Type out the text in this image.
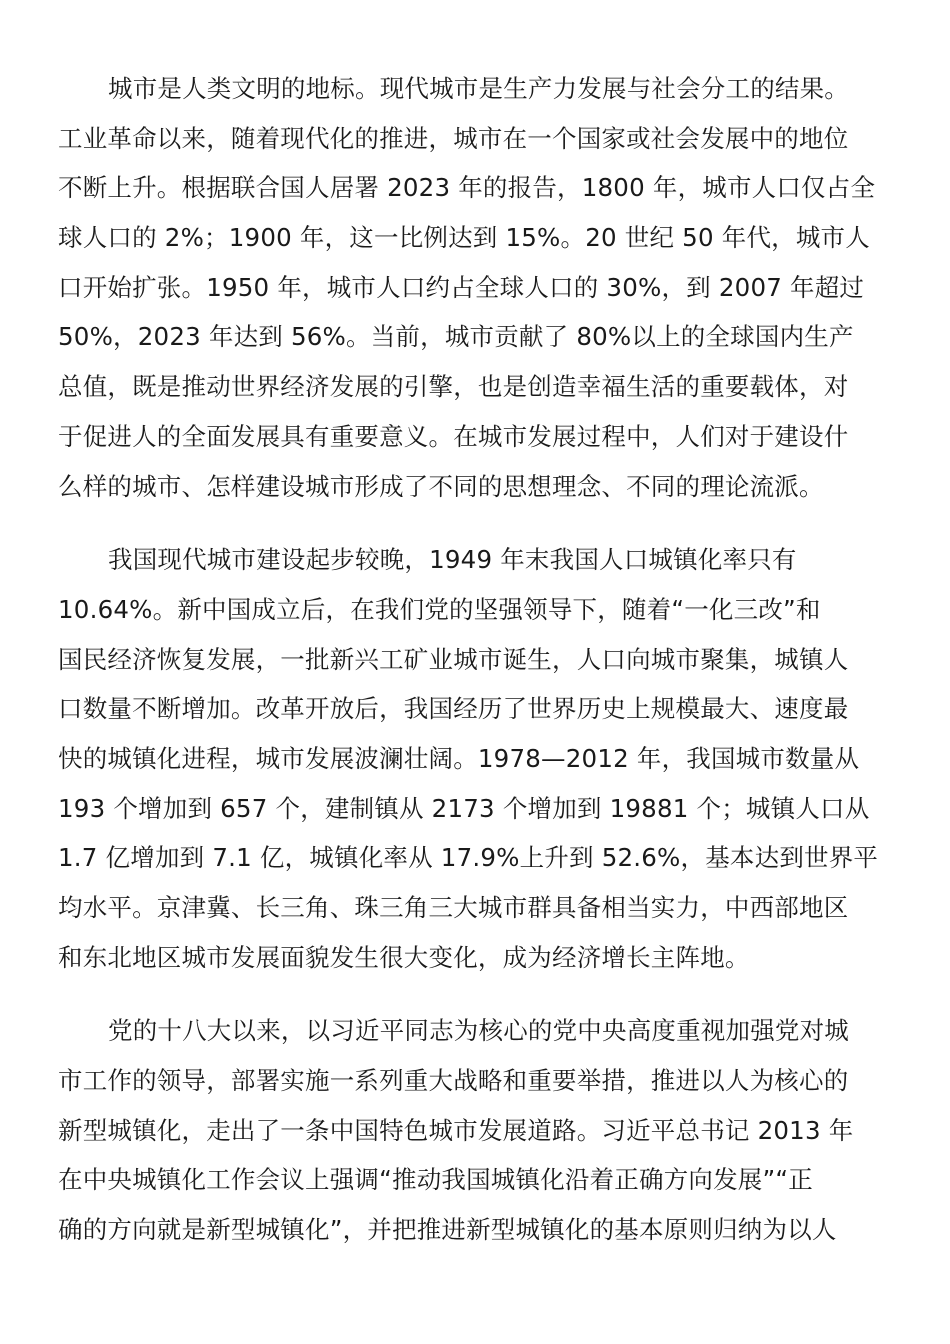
城市是人类文明的地标。现代城市是生产力发展与社会分工的结果。
工业革命以来，随着现代化的推进，城市在一个国家或社会发展中的地位
不断上升。根据联合国人居署 2023 年的报告，1800 年，城市人口仅占全
球人口的 2%；1900 年，这一比例达到 15%。20 世纪 50 年代，城市人
口开始扩张。1950 年，城市人口约占全球人口的 30%，到 2007 年超过
50%，2023 年达到 56%。当前，城市贡献了 80%以上的全球国内生产
总值，既是推动世界经济发展的引擎，也是创造幸福生活的重要载体，对
于促进人的全面发展具有重要意义。在城市发展过程中，人们对于建设什
么样的城市、怎样建设城市形成了不同的思想理念、不同的理论流派。
我国现代城市建设起步较晚，1949 年末我国人口城镇化率只有
10.64%。新中国成立后，在我们党的坚强领导下，随着“一化三改”和
国民经济恢复发展，一批新兴工矿业城市诞生，人口向城市聚集，城镇人
口数量不断增加。改革开放后，我国经历了世界历史上规模最大、速度最
快的城镇化进程，城市发展波澜壮阔。1978—2012 年，我国城市数量从
193 个增加到 657 个，建制镇从 2173 个增加到 19881 个；城镇人口从
1.7 亿增加到 7.1 亿，城镇化率从 17.9%上升到 52.6%，基本达到世界平
均水平。京津冀、长三角、珠三角三大城市群具备相当实力，中西部地区
和东北地区城市发展面貌发生很大变化，成为经济增长主阵地。
党的十八大以来，以习近平同志为核心的党中央高度重视加强党对城
市工作的领导，部署实施一系列重大战略和重要举措，推进以人为核心的
新型城镇化，走出了一条中国特色城市发展道路。习近平总书记 2013 年
在中央城镇化工作会议上强调“推动我国城镇化沿着正确方向发展”“正
确的方向就是新型城镇化”，并把推进新型城镇化的基本原则归纳为以人
